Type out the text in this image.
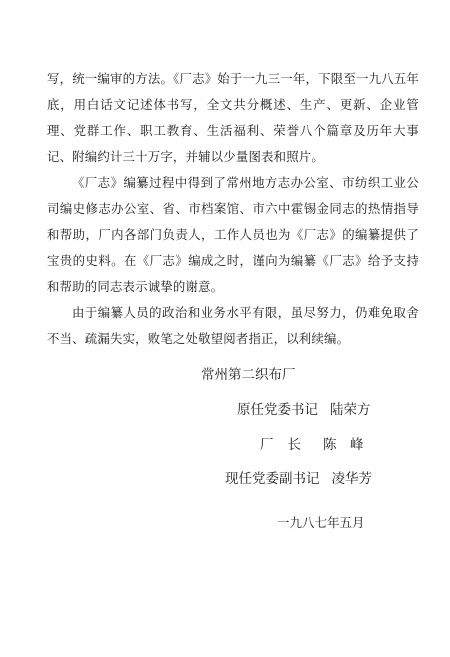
写，统一编审的方法。《厂志》始于一九三一年，下限至一九八五年底，用白话文记述体书写，全文共分概述、生产、更新、企业管理、党群工作、职工教育、生活福利、荣誉八个篇章及历年大事记、附编约计三十万字，并辅以少量图表和照片。

《厂志》编纂过程中得到了常州地方志办公室、市纺织工业公司编史修志办公室、省、市档案馆、市六中霍锡金同志的热情指导和帮助，厂内各部门负责人，工作人员也为《厂志》的编纂提供了宝贵的史料。在《厂志》编成之时，谨向为编纂《厂志》给予支持和帮助的同志表示诚挚的谢意。

由于编纂人员的政治和业务水平有限，虽尽努力，仍难免取舍不当、疏漏失实，败笔之处敬望阅者指正，以利续编。

常州第二织布厂
原任党委书记 陆荣方
厂 长 陈　峰
现任党委副书记 凌华芳
一九八七年五月
